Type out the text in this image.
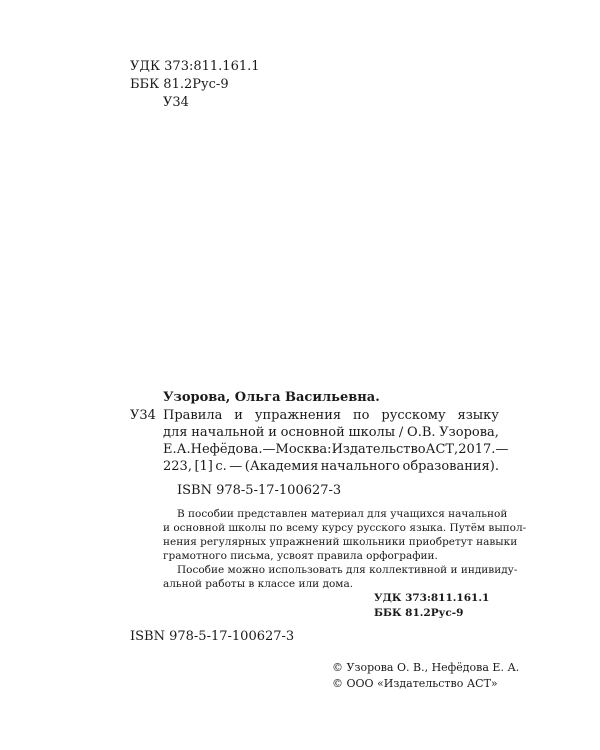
УДК 373:811.161.1
ББК 81.2Рус-9
У34
Узорова, Ольга Васильевна.
У34 Правила и упражнения по русскому языку
для начальной и основной школы / О.В. Узорова,
Е.А. Нефёдова. — Москва : Издательство АСТ, 2017. —
223, [1] с. — (Академия начального образования).
ISBN 978-5-17-100627-3
В пособии представлен материал для учащихся начальной
и основной школы по всему курсу русского языка. Путём выпол-
нения регулярных упражнений школьники приобретут навыки
грамотного письма, усвоят правила орфографии.
Пособие можно использовать для коллективной и индивиду-
альной работы в классе или дома.
УДК 373:811.161.1
ББК 81.2Рус-9
ISBN 978-5-17-100627-3
© Узорова О. В., Нефёдова Е. А.
© ООО «Издательство АСТ»
